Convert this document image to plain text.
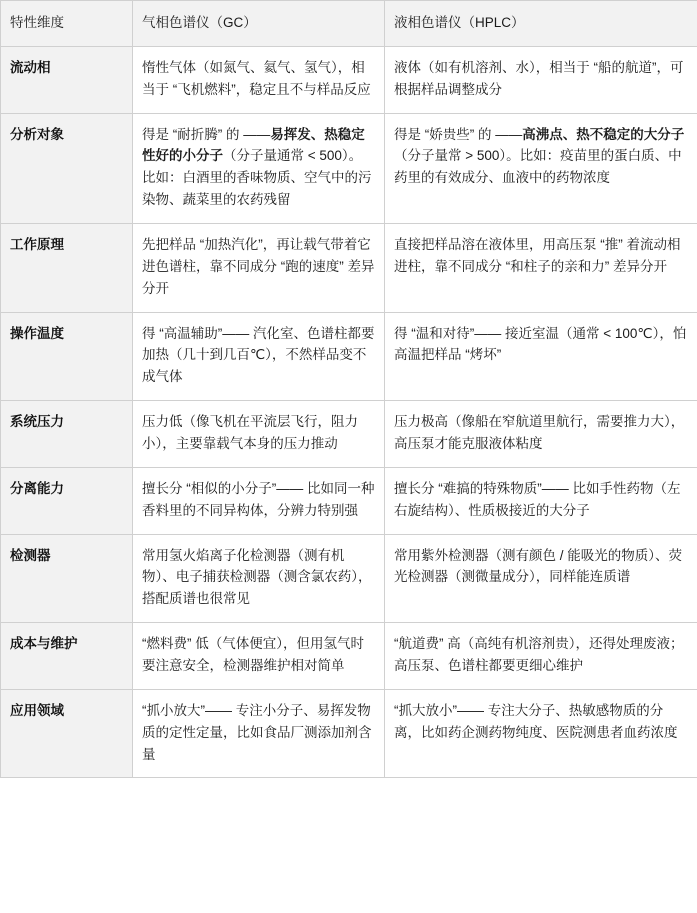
特性维度	气相色谱仪（GC）	液相色谱仪（HPLC）
流动相	惰性气体（如氮气、氦气、氢气），相当于 “飞机燃料”，稳定且不与样品反应	液体（如有机溶剂、水），相当于 “船的航道”，可根据样品调整成分
分析对象	得是 “耐折腾” 的 ——易挥发、热稳定性好的小分子（分子量通常 < 500）。比如：白酒里的香味物质、空气中的污染物、蔬菜里的农药残留	得是 “娇贵些” 的 ——高沸点、热不稳定的大分子（分子量常 > 500）。比如：疫苗里的蛋白质、中药里的有效成分、血液中的药物浓度
工作原理	先把样品 “加热汽化”，再让载气带着它进色谱柱，靠不同成分 “跑的速度” 差异分开	直接把样品溶在液体里，用高压泵 “推” 着流动相进柱，靠不同成分 “和柱子的亲和力” 差异分开
操作温度	得 “高温辅助”—— 汽化室、色谱柱都要加热（几十到几百℃），不然样品变不成气体	得 “温和对待”—— 接近室温（通常 < 100℃），怕高温把样品 “烤坏”
系统压力	压力低（像飞机在平流层飞行，阻力小），主要靠载气本身的压力推动	压力极高（像船在窄航道里航行，需要推力大），高压泵才能克服液体粘度
分离能力	擅长分 “相似的小分子”—— 比如同一种香料里的不同异构体，分辨力特别强	擅长分 “难搞的特殊物质”—— 比如手性药物（左右旋结构）、性质极接近的大分子
检测器	常用氢火焰离子化检测器（测有机物）、电子捕获检测器（测含氯农药），搭配质谱也很常见	常用紫外检测器（测有颜色 / 能吸光的物质）、荧光检测器（测微量成分），同样能连质谱
成本与维护	“燃料费” 低（气体便宜），但用氢气时要注意安全，检测器维护相对简单	“航道费” 高（高纯有机溶剂贵），还得处理废液；高压泵、色谱柱都要更细心维护
应用领域	“抓小放大”—— 专注小分子、易挥发物质的定性定量，比如食品厂测添加剂含量	“抓大放小”—— 专注大分子、热敏感物质的分离，比如药企测药物纯度、医院测患者血药浓度
